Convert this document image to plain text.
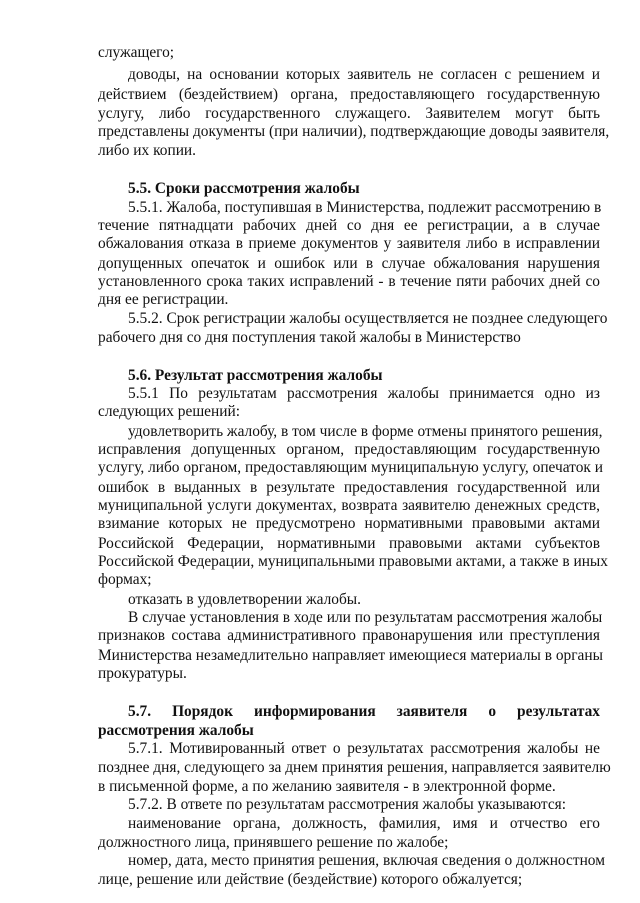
служащего;
доводы, на основании которых заявитель не согласен с решением и
действием (бездействием) органа, предоставляющего государственную
услугу, либо государственного служащего. Заявителем могут быть
представлены документы (при наличии), подтверждающие доводы заявителя,
либо их копии.
5.5. Сроки рассмотрения жалобы
5.5.1. Жалоба, поступившая в Министерства, подлежит рассмотрению в
течение пятнадцати рабочих дней со дня ее регистрации, а в случае
обжалования отказа в приеме документов у заявителя либо в исправлении
допущенных опечаток и ошибок или в случае обжалования нарушения
установленного срока таких исправлений - в течение пяти рабочих дней со
дня ее регистрации.
5.5.2. Срок регистрации жалобы осуществляется не позднее следующего
рабочего дня со дня поступления такой жалобы в Министерство
5.6. Результат рассмотрения жалобы
5.5.1 По результатам рассмотрения жалобы принимается одно из
следующих решений:
удовлетворить жалобу, в том числе в форме отмены принятого решения,
исправления допущенных органом, предоставляющим государственную
услугу, либо органом, предоставляющим муниципальную услугу, опечаток и
ошибок в выданных в результате предоставления государственной или
муниципальной услуги документах, возврата заявителю денежных средств,
взимание которых не предусмотрено нормативными правовыми актами
Российской Федерации, нормативными правовыми актами субъектов
Российской Федерации, муниципальными правовыми актами, а также в иных
формах;
отказать в удовлетворении жалобы.
В случае установления в ходе или по результатам рассмотрения жалобы
признаков состава административного правонарушения или преступления
Министерства незамедлительно направляет имеющиеся материалы в органы
прокуратуры.
5.7. Порядок информирования заявителя о результатах
рассмотрения жалобы
5.7.1. Мотивированный ответ о результатах рассмотрения жалобы не
позднее дня, следующего за днем принятия решения, направляется заявителю
в письменной форме, а по желанию заявителя - в электронной форме.
5.7.2. В ответе по результатам рассмотрения жалобы указываются:
наименование органа, должность, фамилия, имя и отчество его
должностного лица, принявшего решение по жалобе;
номер, дата, место принятия решения, включая сведения о должностном
лице, решение или действие (бездействие) которого обжалуется;
